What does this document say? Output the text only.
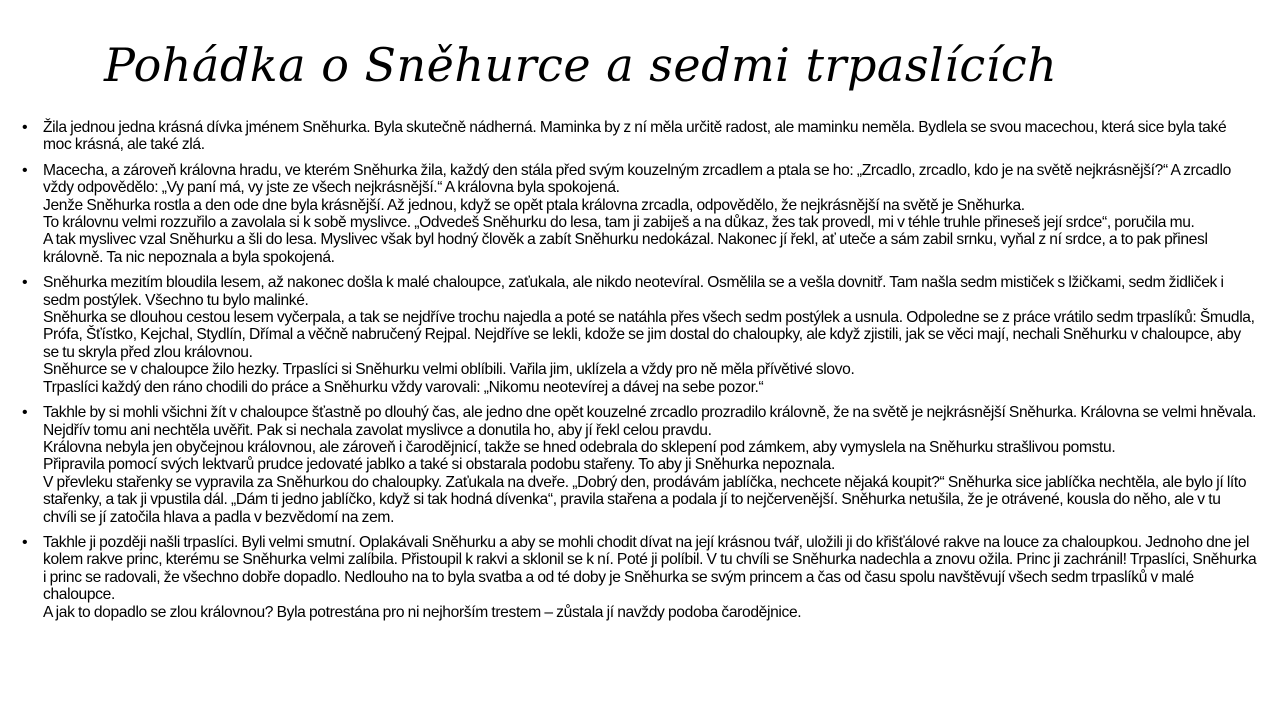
Pohádka o Sněhurce a sedmi trpaslících
• Žila jednou jedna krásná dívka jménem Sněhurka. Byla skutečně nádherná. Maminka by z ní měla určitě radost, ale maminku neměla. Bydlela se svou macechou, která sice byla také moc krásná, ale také zlá.
• Macecha, a zároveň královna hradu, ve kterém Sněhurka žila, každý den stála před svým kouzelným zrcadlem a ptala se ho: „Zrcadlo, zrcadlo, kdo je na světě nejkrásnější?“ A zrcadlo vždy odpovědělo: „Vy paní má, vy jste ze všech nejkrásnější.“ A královna byla spokojená.
Jenže Sněhurka rostla a den ode dne byla krásnější. Až jednou, když se opět ptala královna zrcadla, odpovědělo, že nejkrásnější na světě je Sněhurka.
To královnu velmi rozzuřilo a zavolala si k sobě myslivce. „Odvedeš Sněhurku do lesa, tam ji zabiješ a na důkaz, žes tak provedl, mi v téhle truhle přineseš její srdce“, poručila mu.
A tak myslivec vzal Sněhurku a šli do lesa. Myslivec však byl hodný člověk a zabít Sněhurku nedokázal. Nakonec jí řekl, ať uteče a sám zabil srnku, vyňal z ní srdce, a to pak přinesl královně. Ta nic nepoznala a byla spokojená.
• Sněhurka mezitím bloudila lesem, až nakonec došla k malé chaloupce, zaťukala, ale nikdo neotevíral. Osmělila se a vešla dovnitř. Tam našla sedm mističek s lžičkami, sedm židliček i sedm postýlek. Všechno tu bylo malinké.
Sněhurka se dlouhou cestou lesem vyčerpala, a tak se nejdříve trochu najedla a poté se natáhla přes všech sedm postýlek a usnula. Odpoledne se z práce vrátilo sedm trpaslíků: Šmudla, Prófa, Šťístko, Kejchal, Stydlín, Dřímal a věčně nabručený Rejpal. Nejdříve se lekli, kdože se jim dostal do chaloupky, ale když zjistili, jak se věci mají, nechali Sněhurku v chaloupce, aby se tu skryla před zlou královnou.
Sněhurce se v chaloupce žilo hezky. Trpaslíci si Sněhurku velmi oblíbili. Vařila jim, uklízela a vždy pro ně měla přívětivé slovo.
Trpaslíci každý den ráno chodili do práce a Sněhurku vždy varovali: „Nikomu neotevírej a dávej na sebe pozor.“
• Takhle by si mohli všichni žít v chaloupce šťastně po dlouhý čas, ale jedno dne opět kouzelné zrcadlo prozradilo královně, že na světě je nejkrásnější Sněhurka. Královna se velmi hněvala. Nejdřív tomu ani nechtěla uvěřit. Pak si nechala zavolat myslivce a donutila ho, aby jí řekl celou pravdu.
Královna nebyla jen obyčejnou královnou, ale zároveň i čarodějnicí, takže se hned odebrala do sklepení pod zámkem, aby vymyslela na Sněhurku strašlivou pomstu.
Připravila pomocí svých lektvarů prudce jedovaté jablko a také si obstarala podobu stařeny. To aby ji Sněhurka nepoznala.
V převleku stařenky se vypravila za Sněhurkou do chaloupky. Zaťukala na dveře. „Dobrý den, prodávám jablíčka, nechcete nějaká koupit?“ Sněhurka sice jablíčka nechtěla, ale bylo jí líto stařenky, a tak ji vpustila dál. „Dám ti jedno jablíčko, když si tak hodná dívenka“, pravila stařena a podala jí to nejčervenější. Sněhurka netušila, že je otrávené, kousla do něho, ale v tu chvíli se jí zatočila hlava a padla v bezvědomí na zem.
• Takhle ji později našli trpaslíci. Byli velmi smutní. Oplakávali Sněhurku a aby se mohli chodit dívat na její krásnou tvář, uložili ji do křišťálové rakve na louce za chaloupkou. Jednoho dne jel kolem rakve princ, kterému se Sněhurka velmi zalíbila. Přistoupil k rakvi a sklonil se k ní. Poté ji políbil. V tu chvíli se Sněhurka nadechla a znovu ožila. Princ ji zachránil! Trpaslíci, Sněhurka i princ se radovali, že všechno dobře dopadlo. Nedlouho na to byla svatba a od té doby je Sněhurka se svým princem a čas od času spolu navštěvují všech sedm trpaslíků v malé chaloupce.
A jak to dopadlo se zlou královnou? Byla potrestána pro ni nejhorším trestem – zůstala jí navždy podoba čarodějnice.
